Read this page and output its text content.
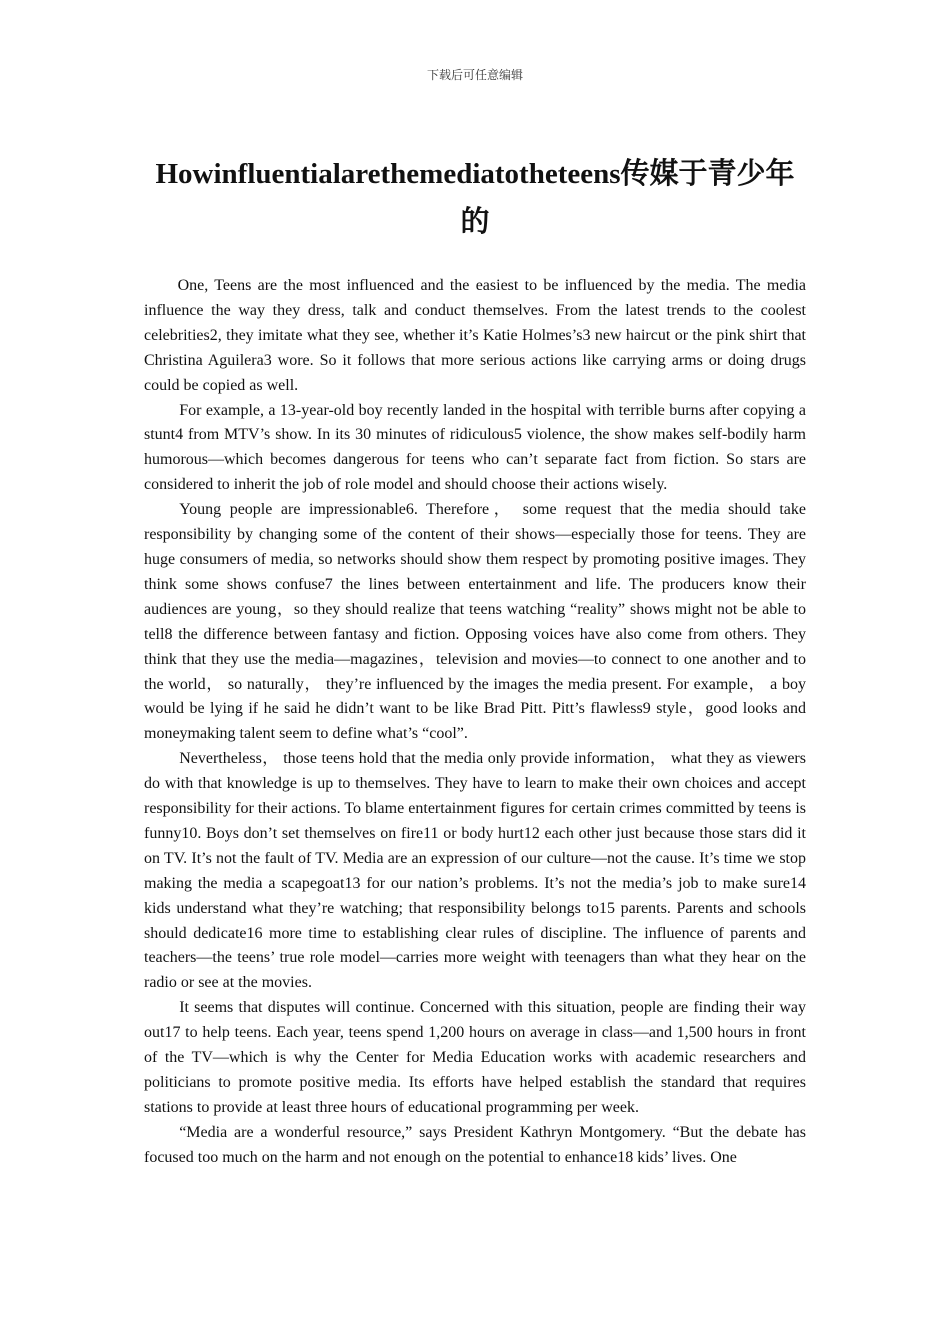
下载后可任意编辑
Howinfluentialarethemediatotheteens传媒于青少年的

One, Teens are the most influenced and the easiest to be influenced by the media. The media influence the way they dress, talk and conduct themselves. From the latest trends to the coolest celebrities2, they imitate what they see, whether it’s Katie Holmes’s3 new haircut or the pink shirt that Christina Aguilera3 wore. So it follows that more serious actions like carrying arms or doing drugs could be copied as well.

For example, a 13-year-old boy recently landed in the hospital with terrible burns after copying a stunt4 from MTV’s show. In its 30 minutes of ridiculous5 violence, the show makes self-bodily harm humorous—which becomes dangerous for teens who can’t separate fact from fiction. So stars are considered to inherit the job of role model and should choose their actions wisely.

Young people are impressionable6. Therefore， some request that the media should take responsibility by changing some of the content of their shows—especially those for teens. They are huge consumers of media, so networks should show them respect by promoting positive images. They think some shows confuse7 the lines between entertainment and life. The producers know their audiences are young，so they should realize that teens watching “reality” shows might not be able to tell8 the difference between fantasy and fiction. Opposing voices have also come from others. They think that they use the media—magazines，television and movies—to connect to one another and to the world， so naturally， they’re influenced by the images the media present. For example， a boy would be lying if he said he didn’t want to be like Brad Pitt. Pitt’s flawless9 style，good looks and moneymaking talent seem to define what’s “cool”.

Nevertheless， those teens hold that the media only provide information， what they as viewers do with that knowledge is up to themselves. They have to learn to make their own choices and accept responsibility for their actions. To blame entertainment figures for certain crimes committed by teens is funny10. Boys don’t set themselves on fire11 or body hurt12 each other just because those stars did it on TV. It’s not the fault of TV. Media are an expression of our culture—not the cause. It’s time we stop making the media a scapegoat13 for our nation’s problems. It’s not the media’s job to make sure14 kids understand what they’re watching; that responsibility belongs to15 parents. Parents and schools should dedicate16 more time to establishing clear rules of discipline. The influence of parents and teachers—the teens’ true role model—carries more weight with teenagers than what they hear on the radio or see at the movies.

It seems that disputes will continue. Concerned with this situation, people are finding their way out17 to help teens. Each year, teens spend 1,200 hours on average in class—and 1,500 hours in front of the TV—which is why the Center for Media Education works with academic researchers and politicians to promote positive media. Its efforts have helped establish the standard that requires stations to provide at least three hours of educational programming per week.

“Media are a wonderful resource,” says President Kathryn Montgomery. “But the debate has focused too much on the harm and not enough on the potential to enhance18 kids’ lives. One
